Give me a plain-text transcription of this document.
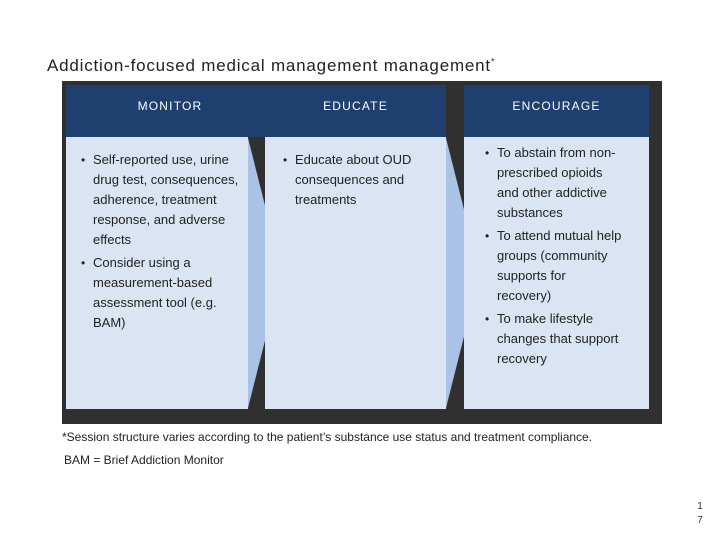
Addiction-focused medical management management*
MONITOR
• Self-reported use, urine drug test, consequences, adherence, treatment response, and adverse effects
• Consider using a measurement-based assessment tool (e.g. BAM)
EDUCATE
• Educate about OUD consequences and treatments
ENCOURAGE
• To abstain from non-prescribed opioids and other addictive substances
• To attend mutual help groups (community supports for recovery)
• To make lifestyle changes that support recovery
*Session structure varies according to the patient’s substance use status and treatment compliance.
BAM = Brief Addiction Monitor
1
7
